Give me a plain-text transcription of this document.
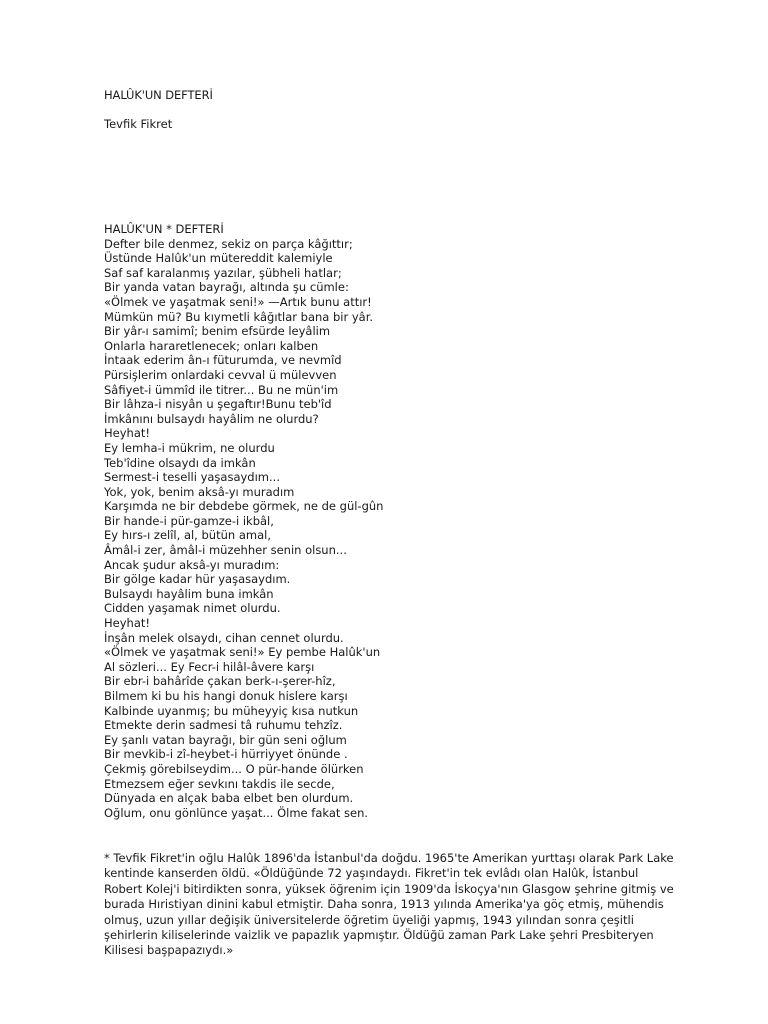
HALÛK'UN DEFTERİ
Tevfik Fikret
HALÛK'UN * DEFTERİ
Defter bile denmez, sekiz on parça kâğıttır;
Üstünde Halûk'un mütereddit kalemiyle
Saf saf karalanmış yazılar, şübheli hatlar;
Bir yanda vatan bayrağı, altında şu cümle:
«Ölmek ve yaşatmak seni!» —Artık bunu attır!
Mümkün mü? Bu kıymetli kâğıtlar bana bir yâr.
Bir yâr-ı samimî; benim efsürde leyâlim
Onlarla hararetlenecek; onları kalben
İntaak ederim ân-ı füturumda, ve nevmîd
Pürsişlerim onlardaki cevval ü mülevven
Sâfiyet-i ümmîd ile titrer... Bu ne mün'im
Bir lâhza-i nisyân u şegaftır!Bunu teb'îd
İmkânını bulsaydı hayâlim ne olurdu?
Heyhat!
Ey lemha-i mükrim, ne olurdu
Teb'îdine olsaydı da imkân
Sermest-i teselli yaşasaydım...
Yok, yok, benim aksâ-yı muradım
Karşımda ne bir debdebe görmek, ne de gül-gûn
Bir hande-i pür-gamze-i ikbâl,
Ey hırs-ı zelîl, al, bütün amal,
Âmâl-i zer, âmâl-i müzehher senin olsun...
Ancak şudur aksâ-yı muradım:
Bir gölge kadar hür yaşasaydım.
Bulsaydı hayâlim buna imkân
Cidden yaşamak nimet olurdu.
Heyhat!
İnşân melek olsaydı, cihan cennet olurdu.
«Ölmek ve yaşatmak seni!» Ey pembe Halûk'un
Al sözleri... Ey Fecr-i hilâl-âvere karşı
Bir ebr-i bahârîde çakan berk-ı-şerer-hîz,
Bilmem ki bu his hangi donuk hislere karşı
Kalbinde uyanmış; bu müheyyiç kısa nutkun
Etmekte derin sadmesi tâ ruhumu tehzîz.
Ey şanlı vatan bayrağı, bir gün seni oğlum
Bir mevkib-i zî-heybet-i hürriyyet önünde .
Çekmiş görebilseydim... O pür-hande ölürken
Etmezsem eğer sevkını takdis ile secde,
Dünyada en alçak baba elbet ben olurdum.
Oğlum, onu gönlünce yaşat... Ölme fakat sen.
* Tevfik Fikret'in oğlu Halûk 1896'da İstanbul'da doğdu. 1965'te Amerikan yurttaşı olarak Park Lake kentinde kanserden öldü. «Öldüğünde 72 yaşındaydı. Fikret'in tek evlâdı olan Halûk, İstanbul Robert Kolej'i bitirdikten sonra, yüksek öğrenim için 1909'da İskoçya'nın Glasgow şehrine gitmiş ve burada Hıristiyan dinini kabul etmiştir. Daha sonra, 1913 yılında Amerika'ya göç etmiş, mühendis olmuş, uzun yıllar değişik üniversitelerde öğretim üyeliği yapmış, 1943 yılından sonra çeşitli şehirlerin kiliselerinde vaizlik ve papazlık yapmıştır. Öldüğü zaman Park Lake şehri Presbiteryen Kilisesi başpapazıydı.»
